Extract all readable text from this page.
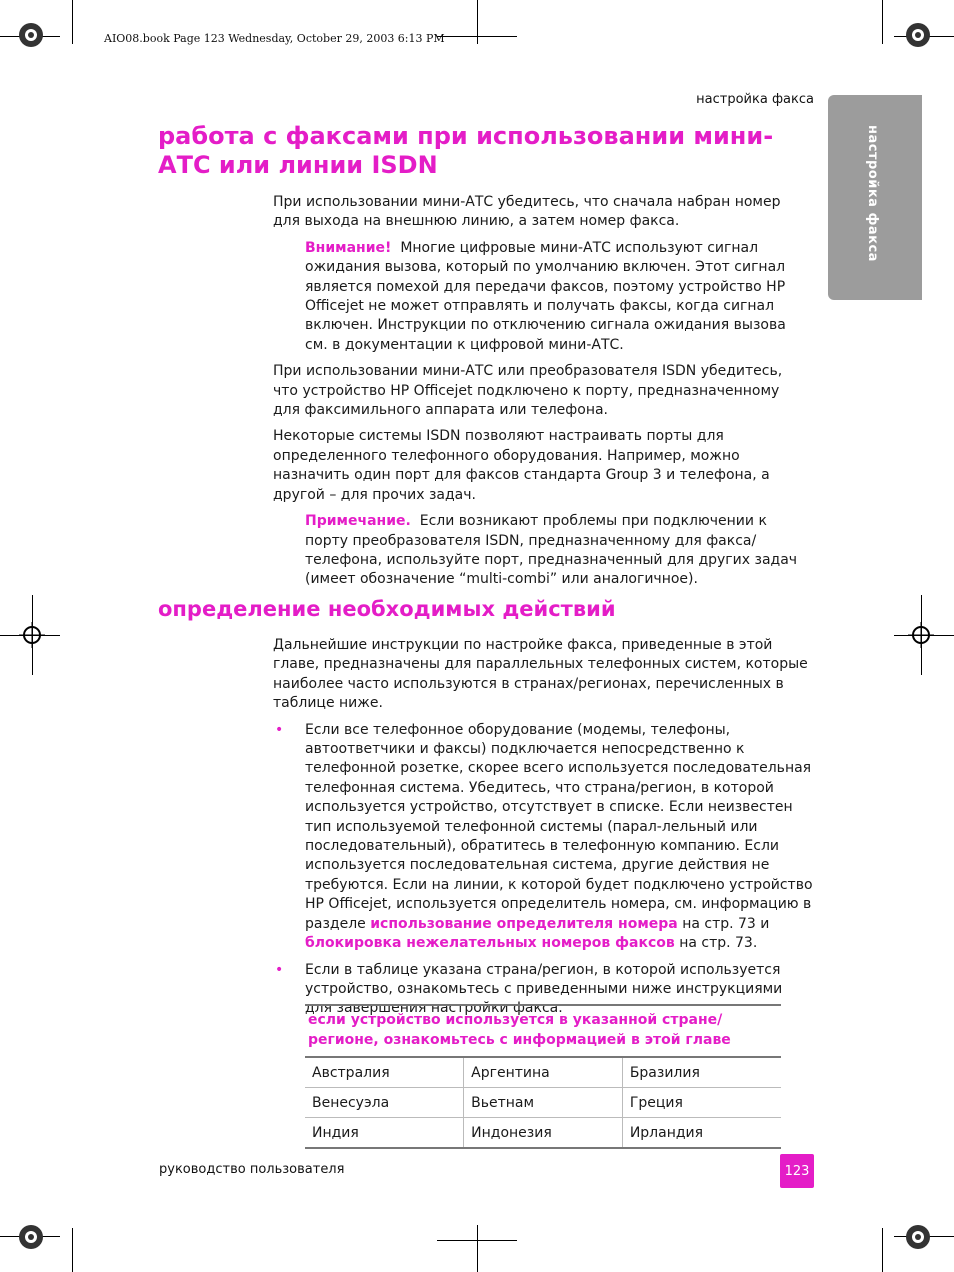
AIO08.book Page 123 Wednesday, October 29, 2003 6:13 PM
настройка факса
настройка факса
работа с факсами при использовании мини-АТС или линии ISDN

При использовании мини-АТС убедитесь, что сначала набран номер для выхода на внешнюю линию, а затем номер факса.

Внимание! Многие цифровые мини-АТС используют сигнал ожидания вызова, который по умолчанию включен. Этот сигнал является помехой для передачи факсов, поэтому устройство HP Officejet не может отправлять и получать факсы, когда сигнал включен. Инструкции по отключению сигнала ожидания вызова см. в документации к цифровой мини-АТС.

При использовании мини-АТС или преобразователя ISDN убедитесь, что устройство HP Officejet подключено к порту, предназначенному для факсимильного аппарата или телефона.

Некоторые системы ISDN позволяют настраивать порты для определенного телефонного оборудования. Например, можно назначить один порт для факсов стандарта Group 3 и телефона, а другой – для прочих задач.

Примечание. Если возникают проблемы при подключении к порту преобразователя ISDN, предназначенному для факса/телефона, используйте порт, предназначенный для других задач (имеет обозначение “multi-combi” или аналогичное).

определение необходимых действий

Дальнейшие инструкции по настройке факса, приведенные в этой главе, предназначены для параллельных телефонных систем, которые наиболее часто используются в странах/регионах, перечисленных в таблице ниже.

• Если все телефонное оборудование (модемы, телефоны, автоответчики и факсы) подключается непосредственно к телефонной розетке, скорее всего используется последовательная телефонная система. Убедитесь, что страна/регион, в которой используется устройство, отсутствует в списке. Если неизвестен тип используемой телефонной системы (парал-лельный или последовательный), обратитесь в телефонную компанию. Если используется последовательная система, другие действия не требуются. Если на линии, к которой будет подключено устройство HP Officejet, используется определитель номера, см. информацию в разделе использование определителя номера на стр. 73 и блокировка нежелательных номеров факсов на стр. 73.
• Если в таблице указана страна/регион, в которой используется устройство, ознакомьтесь с приведенными ниже инструкциями для завершения настройки факса.
если устройство используется в указанной стране/регионе, ознакомьтесь с информацией в этой главе
Австралия	Аргентина	Бразилия
Венесуэла	Вьетнам	Греция
Индия	Индонезия	Ирландия
руководство пользователя	123
